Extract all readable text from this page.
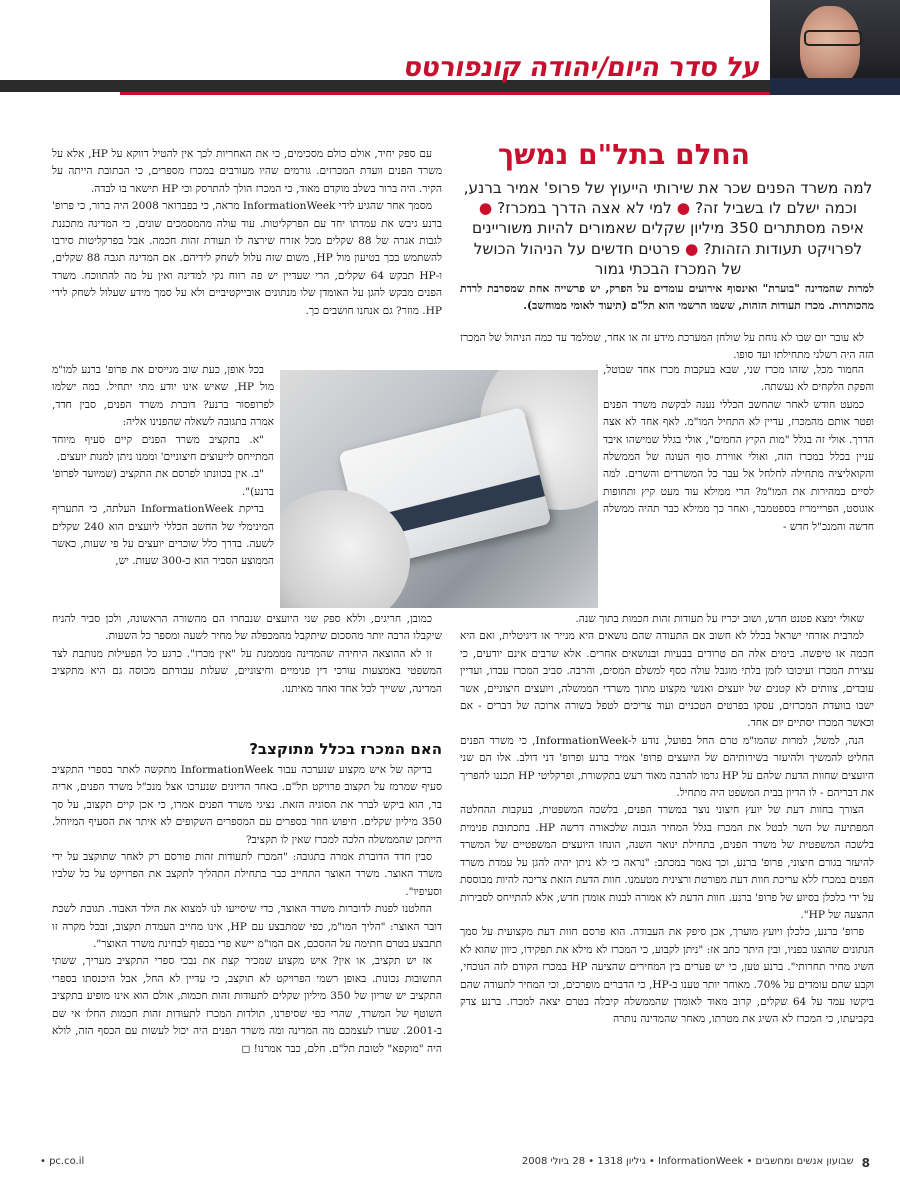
על סדר היום/יהודה קונפורטס
החלם בתל"ם נמשך
למה משרד הפנים שכר את שירותי הייעוץ של פרופ' אמיר ברנע, וכמה ישלם לו בשביל זה? ● למי לא אצה הדרך במכרז? ● איפה מסתתרים 350 מיליון שקלים שאמורים להיות משוריינים לפרויקט תעודות הזהות? ● פרטים חדשים על הניהול הכושל של המכרז הבכתי גמור
למרות שהמדינה "בוערת" ואינסוף אירועים עומדים על הפרק, יש פרשייה אחת שמסרבת לרדת מהכותרות. מכרז תעודות הזהות, ששמו הרשמי הוא תל"ם (תיעוד לאומי ממוחשב).

לא עובר יום שבו לא נוחת על שולחן המערכת מידע זה או אחר, שמלמד עד כמה הניהול של המכרז הזה היה רשלני מתחילתו ועד סופו.

החמור מכל, שזהו מכרז שני, שבא בעקבות מכרז אחד שבוטל, והפקת הלקחים לא נעשתה.

כמעט חודש לאחר שהחשב הכללי נענה לבקשת משרד הפנים ופטר אותם מהמכרז, עדיין לא התחיל המו"מ. לאף אחד לא אצה הדרך. אולי זה בגלל "מות הקיץ החמים", אולי בגלל שמישהו איבד עניין בכלל במכרז הזה, ואולי אווירת סוף העונה של הממשלה והקואליציה מתחילה לחלחל אל עבר כל המשרדים והשרים. למה לסיים במהירות את המו"מ? הרי ממילא עוד מעט קיץ ותחופות אוגוסט, הפריימריז בספטמבר, ואחר כך ממילא כבר תהיה ממשלה חדשה והמנכ"ל חדש -

שאולי ימצא פטנט חדש, ושוב יכריז על תעודות זהות חכמות בתוך שנה.

למרבית אזרחי ישראל בכלל לא חשוב אם התעודה שהם נושאים היא מנייר או דיגיטלית, ואם היא חכמה או טיפשה. בימים אלה הם טרודים בבעיות ובנושאים אחרים. אלא שרבים אינם יודעים, כי עצירת המכרז ועיכובו לזמן בלתי מוגבל עולה כסף למשלם המסים, והרבה. סביב המכרז עבדו, ועדיין עובדים, צוותים לא קטנים של יועצים ואנשי מקצוע מתוך משרדי הממשלה, ויועצים חיצוניים, אשר ישבו בוועדת המכרזים, עסקו בפרטים הטכניים ועוד צריכים לטפל בשורה ארוכה של דברים - אם וכאשר המכרז יסתיים יום אחד.

הנה, למשל, למרות שהמו"מ טרם החל בפועל, נודע ל-InformationWeek, כי משרד הפנים החליט להמשיך ולהיעזר בשירותיהם של היועצים פרופ' אמיר ברנע ופרופ' דני דולב. אלו הם שני היועצים שחוות הדעת שלהם על HP גרמו להרבה מאוד רעש בתקשורת, ופרקליטי HP תכננו להפריך את דבריהם - לו הדיון בבית המשפט היה מתחיל.

הצורך בחוות דעת של יועץ חיצוני נוצר במשרד הפנים, בלשכה המשפטית, בעקבות ההחלטה המפתיעה של השר לבטל את המכרז בגלל המחיר הגבוה שלכאורה דרשה HP. בתכתובת פנימית בלשכה המשפטית של משרד הפנים, בתחילת ינואר השנה, הונחו היועצים המשפטיים של המשרד להיעזר בגורם חיצוני, פרופ' ברנע, וכך נאמר במכתב: "נראה כי לא ניתן יהיה להגן על עמדת משרד הפנים במכרז ללא עריכת חוות דעת מפורטת ורצינית מטעמנו. חוות הדעת הזאת צריכה להיות מבוססת על ידי כלכלן בסיוע של פרופ' ברנע. חוות הדעת לא אמורה לבנות אומדן חדש, אלא להתייחס לסבירות ההצעה של HP".

פרופ' ברנע, כלכלן ויועץ מוערך, אכן סיפק את העבודה. הוא פרסם חוות דעת מקצועית על סמך הנתונים שהוצגו בפניו, ובין היתר כתב אז: "ניתן לקבוע, כי המכרז לא מילא את תפקידו, כיוון שהוא לא השיג מחיר תחרותי". ברנע טען, כי יש פערים בין המחירים שהציעה HP במכרז הקודם לזה הנוכחי, וקבע שהם עומדים על 70%. מאוחר יותר טענו ב-HP, כי הדברים מופרכים, וכי המחיר לתעודה שהם ביקשו עמד על 64 שקלים, קרוב מאוד לאומדן שהממשלה קיבלה בטרם יצאה למכרז. ברנע צדק בקביעתו, כי המכרז לא השיג את מטרתו, מאחר שהמדינה נותרה

עם ספק יחיד, אולם כולם מסכימים, כי את האחריות לכך אין להטיל דווקא על HP, אלא על משרד הפנים וועדת המכרזים. גורמים שהיו מעורבים במכרז מספרים, כי הכתובת הייתה על הקיר. היה ברור בשלב מוקדם מאוד, כי המכרז הולך להתרסק וכי HP תישאר בו לבדה.

מסמך אחר שהגיע לידי InformationWeek מראה, כי בפברואר 2008 היה ברור, כי פרופ' ברנע גיבש את עמדתו יחד עם הפרקליטות. עוד עולה מהמסמכים שונים, כי המדינה מתכננת לגבות אגרה של 88 שקלים מכל אזרח שירצה לו תעודת זהות חכמה. אבל בפרקליטות סירבו להשתמש בכך בטיעון מול HP, משום שזה עלול לשחק לידיהם. אם המדינה תגבה 88 שקלים, ו-HP תבקש 64 שקלים, הרי שעדיין יש פה רווח נקי למדינה ואין על מה להתווכח. משרד הפנים מבקש להגן על האומדן שלו מנתונים אובייקטיביים ולא על סמך מידע שעלול לשחק לידי HP. מוזר? גם אנחנו חושבים כך.

בכל אופן, כעת שוב מגייסים את פרופ' ברנע למו"מ מול HP, שאיש אינו יודע מתי יתחיל. כמה ישלמו לפרופסור ברנע? דוברת משרד הפנים, סבין חדד, אמרה בתגובה לשאלה שהפנינו אליה:

"א. בתקציב משרד הפנים קיים סעיף מיוחד המתייחס לייעוצים חיצוניים' וממנו ניתן למנות יועצים.

"ב. אין בכוונתו לפרסם את התקציב (שמיועד לפרופ' ברנע)".

בדיקת InformationWeek העלתה, כי התעריף המינימלי של החשב הכללי ליועצים הוא 240 שקלים לשעה. בדרך כלל שוכרים יועצים על פי שעות, כאשר הממוצע הסביר הוא כ-300 שעות. יש,

כמובן, חריגים, וללא ספק שני היועצים שנבחרו הם מהשורה הראשונה, ולכן סביר להניח שיקבלו הרבה יותר מהסכום שיתקבל מהמכפלה של מחיר לשעה ומספר כל השעות.

זו לא ההוצאה היחידה שהמדינה ממממנת על "אין מכרז". כרגע כל הפעילות מנותבת לצד המשפטי באמצעות עורכי דין פנימיים וחיצוניים, שעלות עבודתם מכוסה גם היא מתקציב המדינה, ששייך לכל אחד ואחד מאיתנו.

האם המכרז בכלל מתוקצב?

בדיקה של איש מקצוע שנערכה עבור InformationWeek מתקשה לאתר בספרי התקציב סעיף שמרמז על תקצוב פרויקט תל"ם. באחד הדיונים שנערכו אצל מנכ"ל משרד הפנים, אריה בר, הוא ביקש לברר את הסוגיה הזאת. נציגי משרד הפנים אמרו, כי אכן קיים תקצוב, על סך 350 מיליון שקלים. חיפוש חוזר בספרים עם המספרים השקופים לא איתר את הסעיף המיוחל. הייתכן שהממשלה הלכה למכרז שאין לו תקציב?

סבין חדד הדוברת אמרה בתגובה: "המכרז לתעודות זהות פורסם רק לאחר שתוקצב על ידי משרד האוצר. משרד האוצר התחייב כבר בתחילת התהליך לתקצב את הפרויקט על כל שלביו וסעיפיו".

החלטנו לפנות לדוברות משרד האוצר, כדי שיסייעו לנו למצוא את הילד האבוד. תגובת לשכת דובר האוצר: "הליך המו"מ, כפי שמתבצע עם HP, אינו מחייב העמדת תקצוב, ובכל מקרה זו תתבצע בטרם חתימה על ההסכם, אם המו"מ יישא פרי בכפוף לבחינת משרד האוצר".

אז יש תקציב, או אין? איש מקצוע שמכיר קצת את נבכי ספרי התקציב מעריך, ששתי התשובות נכונות. באופן רשמי הפרויקט לא תוקצב, כי עדיין לא החל, אבל היכנסתו בספרי התקציב יש שריון של 350 מיליון שקלים לתעודות זהות חכמות, אולם הוא אינו מופיע בתקציב השוטף של המשרד, שהרי כפי שסיפרנו, תולדות המכרז לתעודות זהות חכמות החלו אי שם ב-2001. שערו לעצמכם מה המדינה ומה משרד הפנים היה יכול לעשות עם הכסף הזה, לולא היה "מוקפא" לטובת תל"ם. חלם, כבר אמרנו! ◻

8
שבועון אנשים ומחשבים • InformationWeek • גיליון 1318 • 28 ביולי 2008
pc.co.il •
